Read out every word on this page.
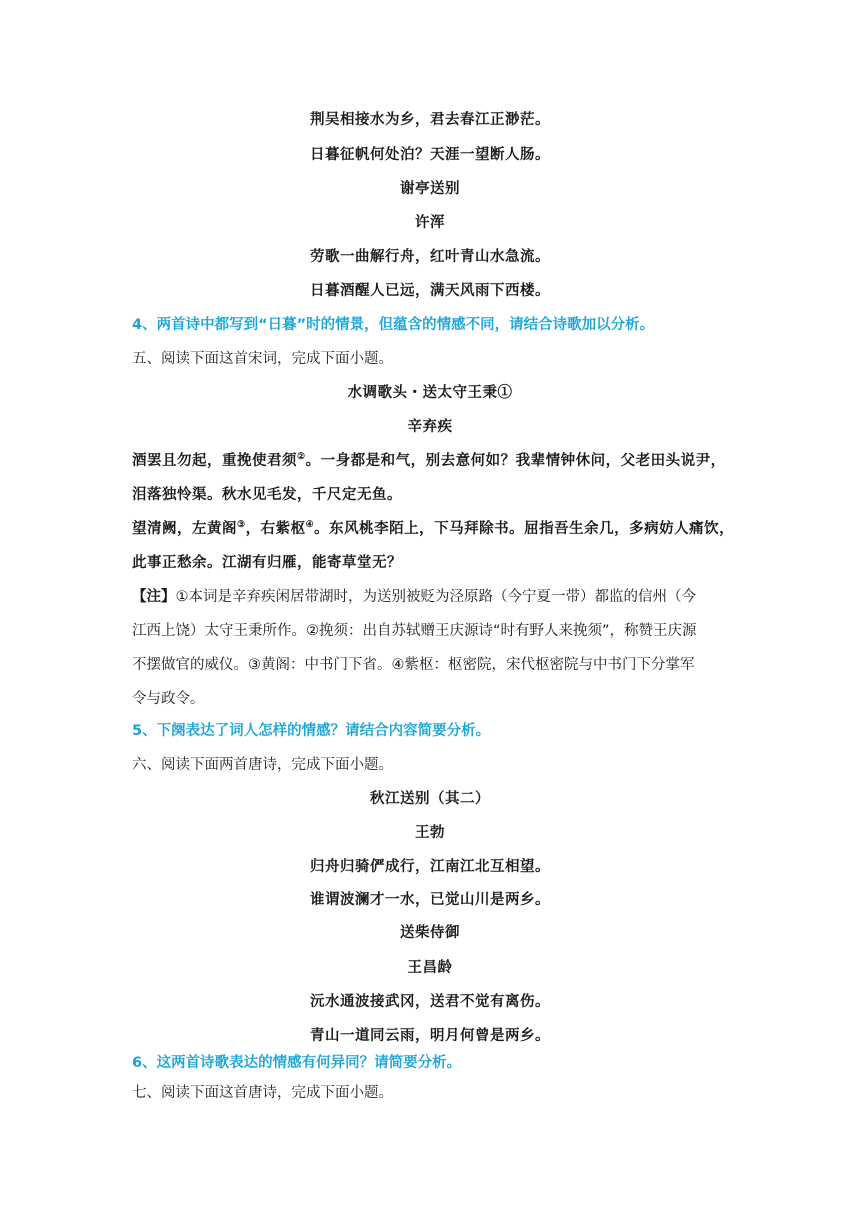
荆吴相接水为乡，君去春江正渺茫。
日暮征帆何处泊？天涯一望断人肠。
谢亭送别
许浑
劳歌一曲解行舟，红叶青山水急流。
日暮酒醒人已远，满天风雨下西楼。
4、两首诗中都写到“日暮”时的情景，但蕴含的情感不同，请结合诗歌加以分析。
五、阅读下面这首宋词，完成下面小题。
水调歌头・送太守王秉①
辛弃疾
酒罢且勿起，重挽使君须②。一身都是和气，别去意何如？我辈情钟休问，父老田头说尹，
泪落独怜渠。秋水见毛发，千尺定无鱼。
望清阙，左黄阁③，右紫枢④。东风桃李陌上，下马拜除书。屈指吾生余几，多病妨人痛饮，
此事正愁余。江湖有归雁，能寄草堂无？
【注】①本词是辛弃疾闲居带湖时，为送别被贬为泾原路（今宁夏一带）都监的信州（今
江西上饶）太守王秉所作。②挽须：出自苏轼赠王庆源诗“时有野人来挽须”，称赞王庆源
不摆做官的威仪。③黄阁：中书门下省。④紫枢：枢密院，宋代枢密院与中书门下分掌军
令与政令。
5、下阕表达了词人怎样的情感？请结合内容简要分析。
六、阅读下面两首唐诗，完成下面小题。
秋江送别（其二）
王勃
归舟归骑俨成行，江南江北互相望。
谁谓波澜才一水，已觉山川是两乡。
送柴侍御
王昌龄
沅水通波接武冈，送君不觉有离伤。
青山一道同云雨，明月何曾是两乡。
6、这两首诗歌表达的情感有何异同？请简要分析。
七、阅读下面这首唐诗，完成下面小题。
